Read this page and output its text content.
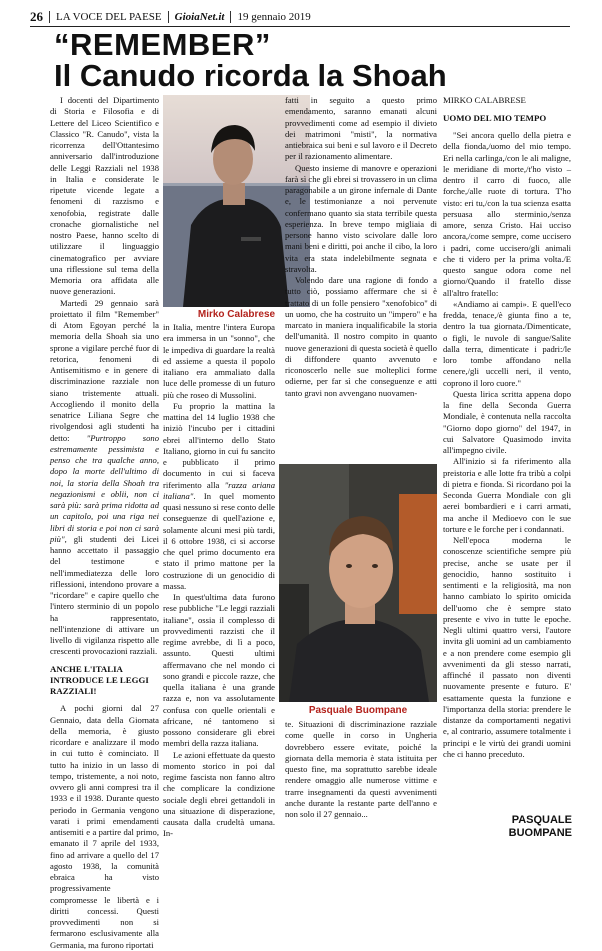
26 LA VOCE DEL PAESE GioiaNet.it 19 gennaio 2019
“REMEMBER”
Il Canudo ricorda la Shoah

I docenti del Dipartimento di Storia e Filosofia e di Lettere del Liceo Scientifico e Classico "R. Canudo", vista la ricorrenza dell'Ottantesimo anniversario dall'introduzione delle Leggi Razziali nel 1938 in Italia e considerate le ripetute vicende legate a fenomeni di razzismo e xenofobia, registrate dalle cronache giornalistiche nel nostro Paese, hanno scelto di utilizzare il linguaggio cinematografico per avviare una riflessione sul tema della Memoria ora affidata alle nuove generazioni.

Martedì 29 gennaio sarà proiettato il film "Remember" di Atom Egoyan perché la memoria della Shoah sia uno sprone a vigilare perché fuor di retorica, fenomeni di Antisemitismo e in genere di discriminazione razziale non siano tristemente attuali. Accogliendo il monito della senatrice Liliana Segre che rivolgendosi agli studenti ha detto: "Purtroppo sono estremamente pessimista e penso che tra qualche anno, dopo la morte dell'ultimo di noi, la storia della Shoah tra negazionismi e oblii, non ci sarà più: sarà prima ridotta ad un capitolo, poi una riga nei libri di storia e poi non ci sarà più", gli studenti dei Licei hanno accettato il passaggio del testimone e nell'immediatezza delle loro riflessioni, intendono provare a "ricordare" e capire quello che l'intero sterminio di un popolo ha rappresentato, nell'intenzione di attivare un livello di vigilanza rispetto alle crescenti provocazioni razziali.

ANCHE L'ITALIA INTRODUCE LE LEGGI RAZZIALI!

A pochi giorni dal 27 Gennaio, data della Giornata della memoria, è giusto ricordare e analizzare il modo in cui tutto è cominciato. Il tutto ha inizio in un lasso di tempo, tristemente, a noi noto, ovvero gli anni compresi tra il 1933 e il 1938. Durante questo periodo in Germania vengono varati i primi emendamenti antisemiti e a partire dal primo, emanato il 7 aprile del 1933, fino ad arrivare a quello del 17 agosto 1938, la comunità ebraica ha visto progressivamente compromesse le libertà e i diritti concessi. Questi provvedimenti non si fermarono esclusivamente alla Germania, ma furono riportati

Mirko Calabrese

in Italia, mentre l'intera Europa era immersa in un "sonno", che le impediva di guardare la realtà ed assieme a questa il popolo italiano era ammaliato dalla luce delle promesse di un futuro più che roseo di Mussolini.

Fu proprio la mattina la mattina del 14 luglio 1938 che iniziò l'incubo per i cittadini ebrei all'interno dello Stato Italiano, giorno in cui fu sancito e pubblicato il primo documento in cui si faceva riferimento alla "razza ariana italiana". In quel momento quasi nessuno si rese conto delle conseguenze di quell'azione e, solamente alcuni mesi più tardi, il 6 ottobre 1938, ci si accorse che quel primo documento era stato il primo mattone per la costruzione di un genocidio di massa.

In quest'ultima data furono rese pubbliche "Le leggi razziali italiane", ossia il complesso di provvedimenti razzisti che il regime avrebbe, di lì a poco, assunto. Questi ultimi affermavano che nel mondo ci sono grandi e piccole razze, che quella italiana è una grande razza e, non va assolutamente confusa con quelle orientali e africane, né tantomeno si possono considerare gli ebrei membri della razza italiana.

Le azioni effettuate da questo momento storico in poi dal regime fascista non fanno altro che complicare la condizione sociale degli ebrei gettandoli in una situazione di disperazione, causata dalla crudeltà umana. In-

fatti in seguito a questo primo emendamento, saranno emanati alcuni provvedimenti come ad esempio il divieto dei matrimoni "misti", la normativa antiebraica sui beni e sul lavoro e il Decreto per il razionamento alimentare.

Questo insieme di manovre e operazioni farà sì che gli ebrei si trovassero in un clima paragonabile a un girone infernale di Dante e, le testimonianze a noi pervenute confermano quanto sia stata terribile questa esperienza. In breve tempo migliaia di persone hanno visto scivolare dalle loro mani beni e diritti, poi anche il cibo, la loro vita era stata indelebilmente segnata e stravolta.

Volendo dare una ragione di fondo a tutto ciò, possiamo affermare che si è trattato di un folle pensiero "xenofobico" di un uomo, che ha costruito un "impero" e ha marcato in maniera inqualificabile la storia dell'umanità. Il nostro compito in quanto nuove generazioni di questa società è quello di diffondere quanto avvenuto e riconoscerlo nelle sue molteplici forme odierne, per far sì che conseguenze e atti tanto gravi non avvengano nuovamen-

Pasquale Buompane

te. Situazioni di discriminazione razziale come quelle in corso in Ungheria dovrebbero essere evitate, poiché la giornata della memoria è stata istituita per questo fine, ma soprattutto sarebbe ideale rendere omaggio alle numerose vittime e trarre insegnamenti da questi avvenimenti anche durante la restante parte dell'anno e non solo il 27 gennaio...

MIRKO CALABRESE
UOMO DEL MIO TEMPO

"Sei ancora quello della pietra e della fionda,/uomo del mio tempo. Eri nella carlinga,/con le ali maligne, le meridiane di morte,/t'ho visto – dentro il carro di fuoco, alle forche,/alle ruote di tortura. T'ho visto: eri tu,/con la tua scienza esatta persuasa allo sterminio,/senza amore, senza Cristo. Hai ucciso ancora,/come sempre, come uccisero i padri, come uccisero/gli animali che ti videro per la prima volta./E questo sangue odora come nel giorno/Quando il fratello disse all'altro fratello:

«Andiamo ai campi». E quell'eco fredda, tenace,/è giunta fino a te, dentro la tua giornata./Dimenticate, o figli, le nuvole di sangue/Salite dalla terra, dimenticate i padri:/le loro tombe affondano nella cenere,/gli uccelli neri, il vento, coprono il loro cuore."

Questa lirica scritta appena dopo la fine della Seconda Guerra Mondiale, è contenuta nella raccolta "Giorno dopo giorno" del 1947, in cui Salvatore Quasimodo invita all'impegno civile.

All'inizio si fa riferimento alla preistoria e alle lotte fra tribù a colpi di pietra e fionda. Si ricordano poi la Seconda Guerra Mondiale con gli aerei bombardieri e i carri armati, ma anche il Medioevo con le sue torture e le forche per i condannati.

Nell'epoca moderna le conoscenze scientifiche sempre più precise, anche se usate per il genocidio, hanno sostituito i sentimenti e la religiosità, ma non hanno cambiato lo spirito omicida dell'uomo che è sempre stato presente e vivo in tutte le epoche. Negli ultimi quattro versi, l'autore invita gli uomini ad un cambiamento e a non prendere come esempio gli avvenimenti da gli stesso narrati, affinché il passato non diventi nuovamente presente e futuro. E' esattamente questa la funzione e l'importanza della storia: prendere le distanze da comportamenti negativi e, al contrario, assumere totalmente i principi e le virtù dei grandi uomini che ci hanno preceduto.

PASQUALE
BUOMPANE
